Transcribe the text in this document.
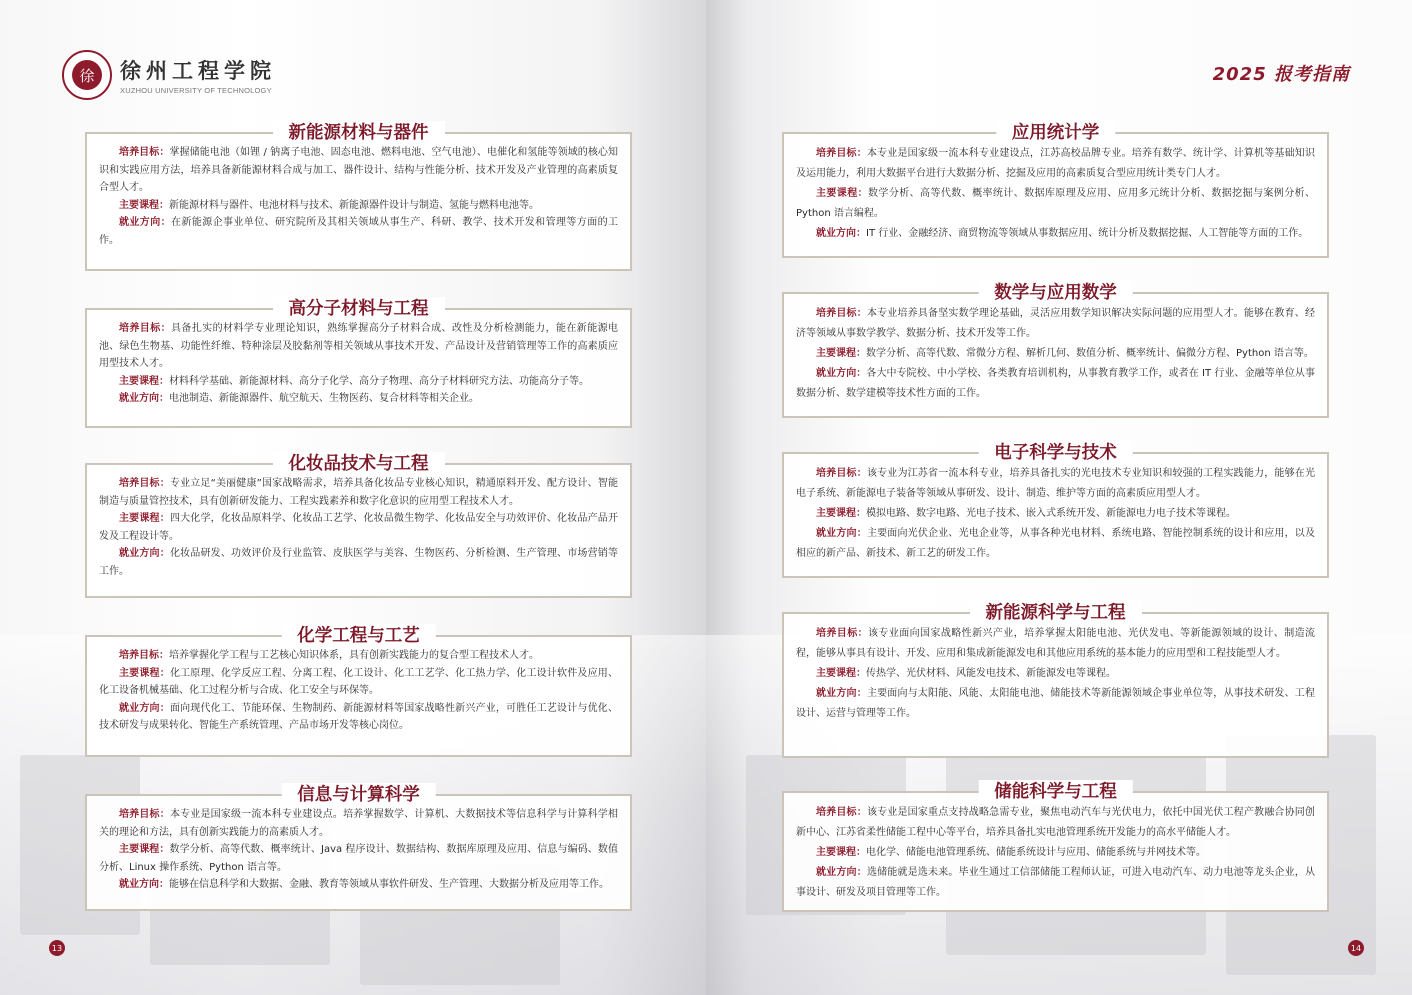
徐	徐州工程学院
XUZHOU UNIVERSITY OF TECHNOLOGY
新能源材料与器件

培养目标：掌握储能电池（如锂 / 钠离子电池、固态电池、燃料电池、空气电池）、电催化和氢能等领域的核心知识和实践应用方法，培养具备新能源材料合成与加工、器件设计、结构与性能分析、技术开发及产业管理的高素质复合型人才。

主要课程：新能源材料与器件、电池材料与技术、新能源器件设计与制造、氢能与燃料电池等。

就业方向：在新能源企事业单位、研究院所及其相关领域从事生产、科研、教学、技术开发和管理等方面的工作。

高分子材料与工程

培养目标：具备扎实的材料学专业理论知识，熟练掌握高分子材料合成、改性及分析检测能力，能在新能源电池、绿色生物基、功能性纤维、特种涂层及胶黏剂等相关领域从事技术开发、产品设计及营销管理等工作的高素质应用型技术人才。

主要课程：材料科学基础、新能源材料、高分子化学、高分子物理、高分子材料研究方法、功能高分子等。

就业方向：电池制造、新能源器件、航空航天、生物医药、复合材料等相关企业。

化妆品技术与工程

培养目标：专业立足“美丽健康”国家战略需求，培养具备化妆品专业核心知识，精通原料开发、配方设计、智能制造与质量管控技术，具有创新研发能力、工程实践素养和数字化意识的应用型工程技术人才。

主要课程：四大化学，化妆品原料学、化妆品工艺学、化妆品微生物学、化妆品安全与功效评价、化妆品产品开发及工程设计等。

就业方向：化妆品研发、功效评价及行业监管、皮肤医学与美容、生物医药、分析检测、生产管理、市场营销等工作。

化学工程与工艺

培养目标：培养掌握化学工程与工艺核心知识体系，具有创新实践能力的复合型工程技术人才。

主要课程：化工原理、化学反应工程、分离工程、化工设计、化工工艺学、化工热力学、化工设计软件及应用、化工设备机械基础、化工过程分析与合成、化工安全与环保等。

就业方向：面向现代化工、节能环保、生物制药、新能源材料等国家战略性新兴产业，可胜任工艺设计与优化、技术研发与成果转化、智能生产系统管理、产品市场开发等核心岗位。

信息与计算科学

培养目标：本专业是国家级一流本科专业建设点。培养掌握数学、计算机、大数据技术等信息科学与计算科学相关的理论和方法，具有创新实践能力的高素质人才。

主要课程：数学分析、高等代数、概率统计、Java 程序设计、数据结构、数据库原理及应用、信息与编码、数值分析、Linux 操作系统、Python 语言等。

就业方向：能够在信息科学和大数据、金融、教育等领域从事软件研发、生产管理、大数据分析及应用等工作。

13
2025 报考指南
应用统计学

培养目标：本专业是国家级一流本科专业建设点，江苏高校品牌专业。培养有数学、统计学、计算机等基础知识及运用能力，利用大数据平台进行大数据分析、挖掘及应用的高素质复合型应用统计类专门人才。

主要课程：数学分析、高等代数、概率统计、数据库原理及应用、应用多元统计分析、数据挖掘与案例分析、Python 语言编程。

就业方向：IT 行业、金融经济、商贸物流等领域从事数据应用、统计分析及数据挖掘、人工智能等方面的工作。

数学与应用数学

培养目标：本专业培养具备坚实数学理论基础，灵活应用数学知识解决实际问题的应用型人才。能够在教育、经济等领域从事数学教学、数据分析、技术开发等工作。

主要课程：数学分析、高等代数、常微分方程、解析几何、数值分析、概率统计、偏微分方程、Python 语言等。

就业方向：各大中专院校、中小学校、各类教育培训机构，从事教育教学工作，或者在 IT 行业、金融等单位从事数据分析、数学建模等技术性方面的工作。

电子科学与技术

培养目标：该专业为江苏省一流本科专业，培养具备扎实的光电技术专业知识和较强的工程实践能力，能够在光电子系统、新能源电子装备等领域从事研发、设计、制造、维护等方面的高素质应用型人才。

主要课程：模拟电路、数字电路、光电子技术、嵌入式系统开发、新能源电力电子技术等课程。

就业方向：主要面向光伏企业、光电企业等，从事各种光电材料、系统电路、智能控制系统的设计和应用，以及相应的新产品、新技术、新工艺的研发工作。

新能源科学与工程

培养目标：该专业面向国家战略性新兴产业，培养掌握太阳能电池、光伏发电、等新能源领域的设计、制造流程，能够从事具有设计、开发、应用和集成新能源发电和其他应用系统的基本能力的应用型和工程技能型人才。

主要课程：传热学、光伏材料、风能发电技术、新能源发电等课程。

就业方向：主要面向与太阳能、风能、太阳能电池、储能技术等新能源领域企事业单位等，从事技术研发、工程设计、运营与管理等工作。

储能科学与工程

培养目标：该专业是国家重点支持战略急需专业，聚焦电动汽车与光伏电力，依托中国光伏工程产教融合协同创新中心、江苏省柔性储能工程中心等平台，培养具备扎实电池管理系统开发能力的高水平储能人才。

主要课程：电化学、储能电池管理系统、储能系统设计与应用、储能系统与并网技术等。

就业方向：选储能就是选未来。毕业生通过工信部储能工程师认证，可进入电动汽车、动力电池等龙头企业，从事设计、研发及项目管理等工作。

14
